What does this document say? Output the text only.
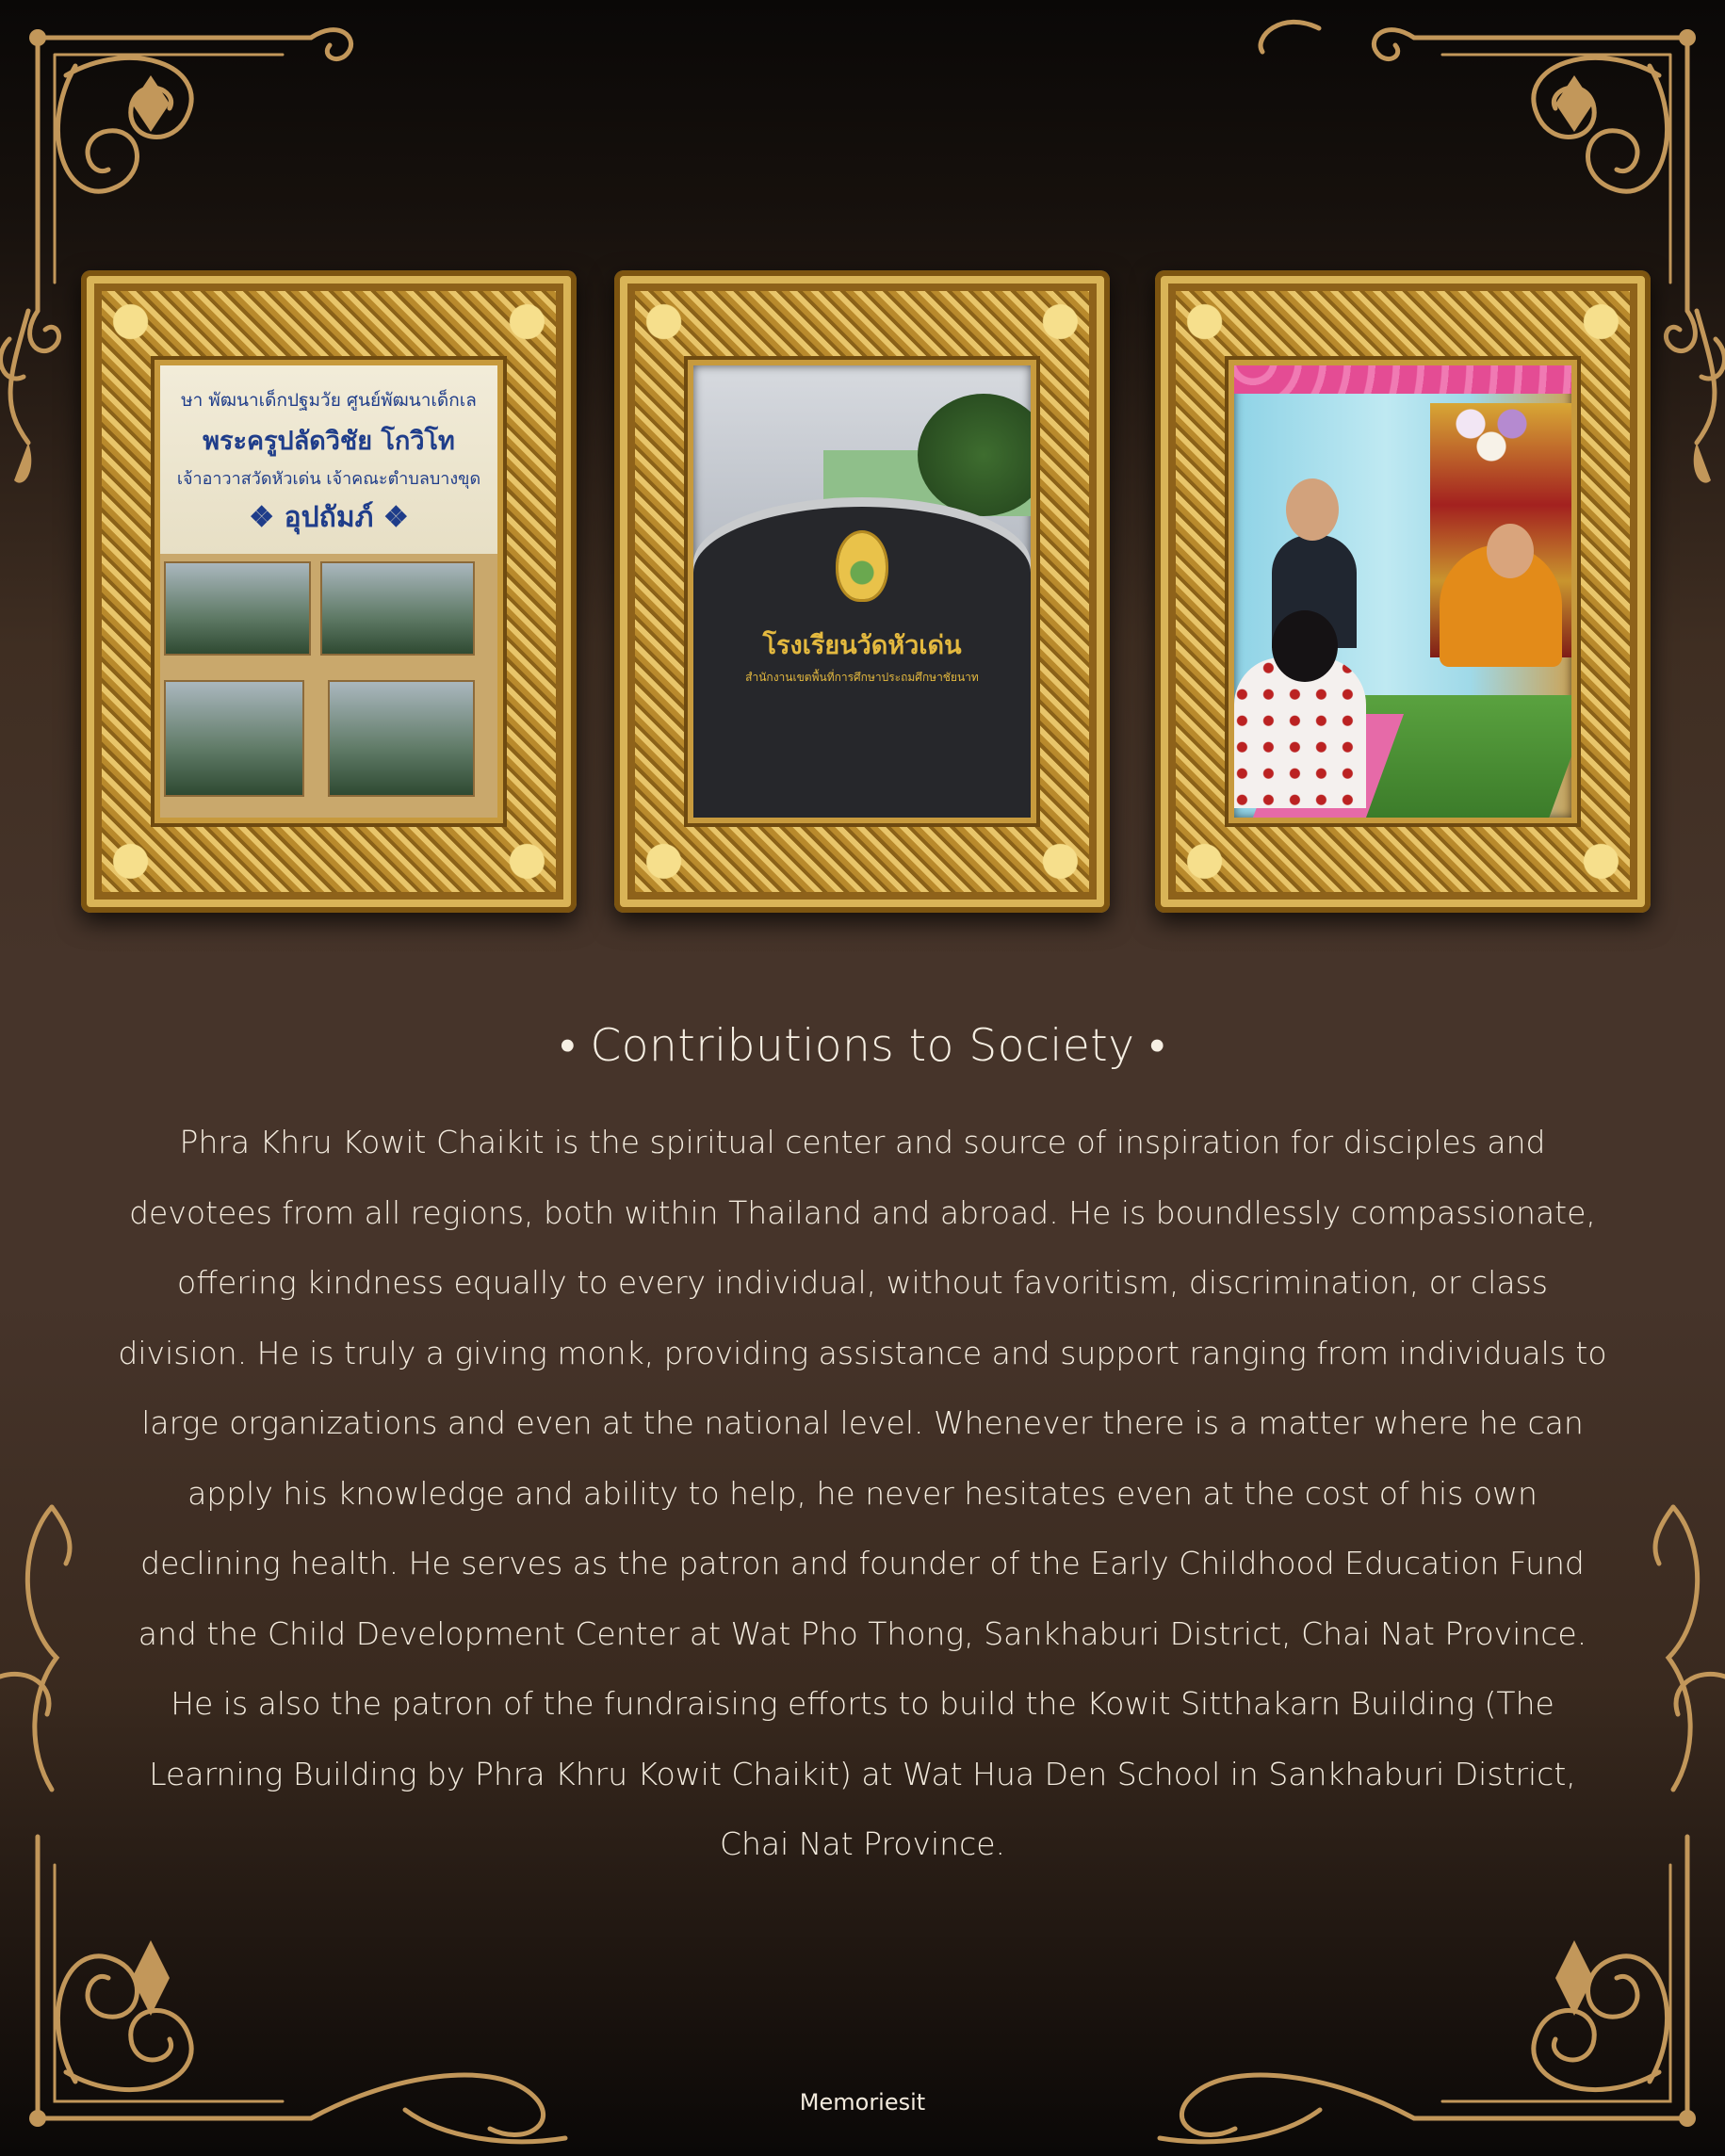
ษา พัฒนาเด็กปฐมวัย ศูนย์พัฒนาเด็กเล
พระครูปลัดวิชัย โกวิโท
เจ้าอาวาสวัดหัวเด่น เจ้าคณะตำบลบางขุด
❖ อุปถัมภ์ ❖
โรงเรียนวัดหัวเด่น
สำนักงานเขตพื้นที่การศึกษาประถมศึกษาชัยนาท
• Contributions to Society •
Phra Khru Kowit Chaikit is the spiritual center and source of inspiration for disciples and
devotees from all regions, both within Thailand and abroad. He is boundlessly compassionate,
offering kindness equally to every individual, without favoritism, discrimination, or class
division. He is truly a giving monk, providing assistance and support ranging from individuals to
large organizations and even at the national level. Whenever there is a matter where he can
apply his knowledge and ability to help, he never hesitates even at the cost of his own
declining health. He serves as the patron and founder of the Early Childhood Education Fund
and the Child Development Center at Wat Pho Thong, Sankhaburi District, Chai Nat Province.
He is also the patron of the fundraising efforts to build the Kowit Sitthakarn Building (The
Learning Building by Phra Khru Kowit Chaikit) at Wat Hua Den School in Sankhaburi District,
Chai Nat Province.
Memoriesit
